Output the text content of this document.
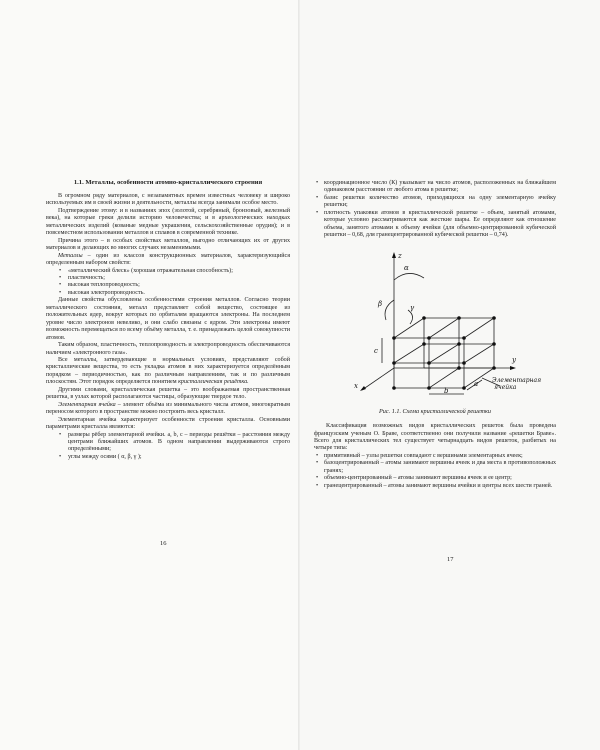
1.1. Металлы, особенности атомно-кристаллического строения

В огромном ряду материалов, с незапамятных времен известных человеку и широко используемых им в своей жизни и деятельности, металлы всегда занимали особое место.

Подтверждение этому: и в названиях эпох (золотой, серебряный, бронзовый, железный века), на которые греки делили историю человечества; и в археологических находках металлических изделий (кованые медные украшения, сельскохозяйственные орудия); и в повсеместном использовании металлов и сплавов в современной технике.

Причина этого – в особых свойствах металлов, выгодно отличающих их от других материалов и делающих во многих случаях незаменимыми.

Металлы – один из классов конструкционных материалов, характеризующийся определенным набором свойств:

• «металлический блеск» (хорошая отражательная способность);
• пластичность;
• высокая теплопроводность;
• высокая электропроводность.

Данные свойства обусловлены особенностями строения металлов. Согласно теории металлического состояния, металл представляет собой вещество, состоящее из положительных ядер, вокруг которых по орбиталям вращаются электроны. На последнем уровне число электронов невелико, и они слабо связаны с ядром. Эти электроны имеют возможность перемещаться по всему объёму металла, т. е. принадлежать целой совокупности атомов.

Таким образом, пластичность, теплопроводность и электропроводность обеспечиваются наличием «электронного газа».

Все металлы, затвердевающие в нормальных условиях, представляют собой кристаллические вещества, то есть укладка атомов в них характеризуется определённым порядком – периодичностью, как по различным направлениям, так и по различным плоскостям. Этот порядок определяется понятием кристаллическая решётка.

Другими словами, кристаллическая решетка – это воображаемая пространственная решетка, в узлах которой располагаются частицы, образующие твердое тело.

Элементарная ячейка – элемент объёма из минимального числа атомов, многократным переносом которого в пространстве можно построить весь кристалл.

Элементарная ячейка характеризует особенности строения кристалла. Основными параметрами кристалла являются:

• размеры рёбер элементарной ячейки. a, b, c – периоды решётки – расстояния между центрами ближайших атомов. В одном направлении выдерживаются строго определёнными;
• углы между осями ( α, β, γ );
16
• координационное число (К) указывает на число атомов, расположенных на ближайшем одинаковом расстоянии от любого атома в решетке;
• базис решетки количество атомов, приходящихся на одну элементарную ячейку решетки;
• плотность упаковки атомов в кристаллической решетке – объем, занятый атомами, которые условно рассматриваются как жесткие шары. Ее определяют как отношение объема, занятого атомами к объему ячейки (для объемно-центрированной кубической решетки – 0,68, для гранецентрированной кубической решетки – 0,74).
z
y
x	a
b
c
α
β	γ
Элементарная
ячейка

Рис. 1.1. Схема кристаллической решетки

Классификация возможных видов кристаллических решеток была проведена французским ученым О. Браве, соответственно они получили название «решетки Браве». Всего для кристаллических тел существует четырнадцать видов решеток, разбитых на четыре типа:

• примитивный – узлы решетки совпадают с вершинами элементарных ячеек;
• базоцентрированный – атомы занимают вершины ячеек и два места в противоположных гранях;
• объемно-центрированный – атомы занимают вершины ячеек и ее центр;
• гранецентрированный – атомы занимают вершины ячейки и центры всех шести граней.
17
